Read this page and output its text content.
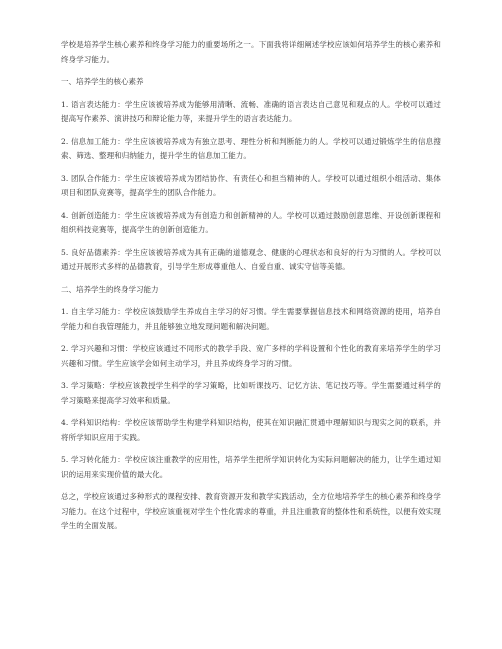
学校是培养学生核心素养和终身学习能力的重要场所之一。下面我将详细阐述学校应该如何培养学生的核心素养和终身学习能力。

一、培养学生的核心素养

1. 语言表达能力：学生应该被培养成为能够用清晰、流畅、准确的语言表达自己意见和观点的人。学校可以通过提高写作素养、演讲技巧和辩论能力等，来提升学生的语言表达能力。

2. 信息加工能力：学生应该被培养成为有独立思考、理性分析和判断能力的人。学校可以通过锻炼学生的信息搜索、筛选、整理和归纳能力，提升学生的信息加工能力。

3. 团队合作能力：学生应该被培养成为团结协作、有责任心和担当精神的人。学校可以通过组织小组活动、集体项目和团队竞赛等，提高学生的团队合作能力。

4. 创新创造能力：学生应该被培养成为有创造力和创新精神的人。学校可以通过鼓励创意思维、开设创新课程和组织科技竞赛等，提高学生的创新创造能力。

5. 良好品德素养：学生应该被培养成为具有正确的道德观念、健康的心理状态和良好的行为习惯的人。学校可以通过开展形式多样的品德教育，引导学生形成尊重他人、自爱自重、诚实守信等美德。

二、培养学生的终身学习能力

1. 自主学习能力：学校应该鼓励学生养成自主学习的好习惯。学生需要掌握信息技术和网络资源的使用，培养自学能力和自我管理能力，并且能够独立地发现问题和解决问题。

2. 学习兴趣和习惯：学校应该通过不同形式的教学手段、宽广多样的学科设置和个性化的教育来培养学生的学习兴趣和习惯。学生应该学会如何主动学习，并且养成终身学习的习惯。

3. 学习策略：学校应该教授学生科学的学习策略，比如听课技巧、记忆方法、笔记技巧等。学生需要通过科学的学习策略来提高学习效率和质量。

4. 学科知识结构：学校应该帮助学生构建学科知识结构，使其在知识融汇贯通中理解知识与现实之间的联系，并将所学知识应用于实践。

5. 学习转化能力：学校应该注重教学的应用性，培养学生把所学知识转化为实际问题解决的能力，让学生通过知识的运用来实现价值的最大化。

总之，学校应该通过多种形式的课程安排、教育资源开发和教学实践活动，全方位地培养学生的核心素养和终身学习能力。在这个过程中，学校应该重视对学生个性化需求的尊重，并且注重教育的整体性和系统性，以便有效实现学生的全面发展。
